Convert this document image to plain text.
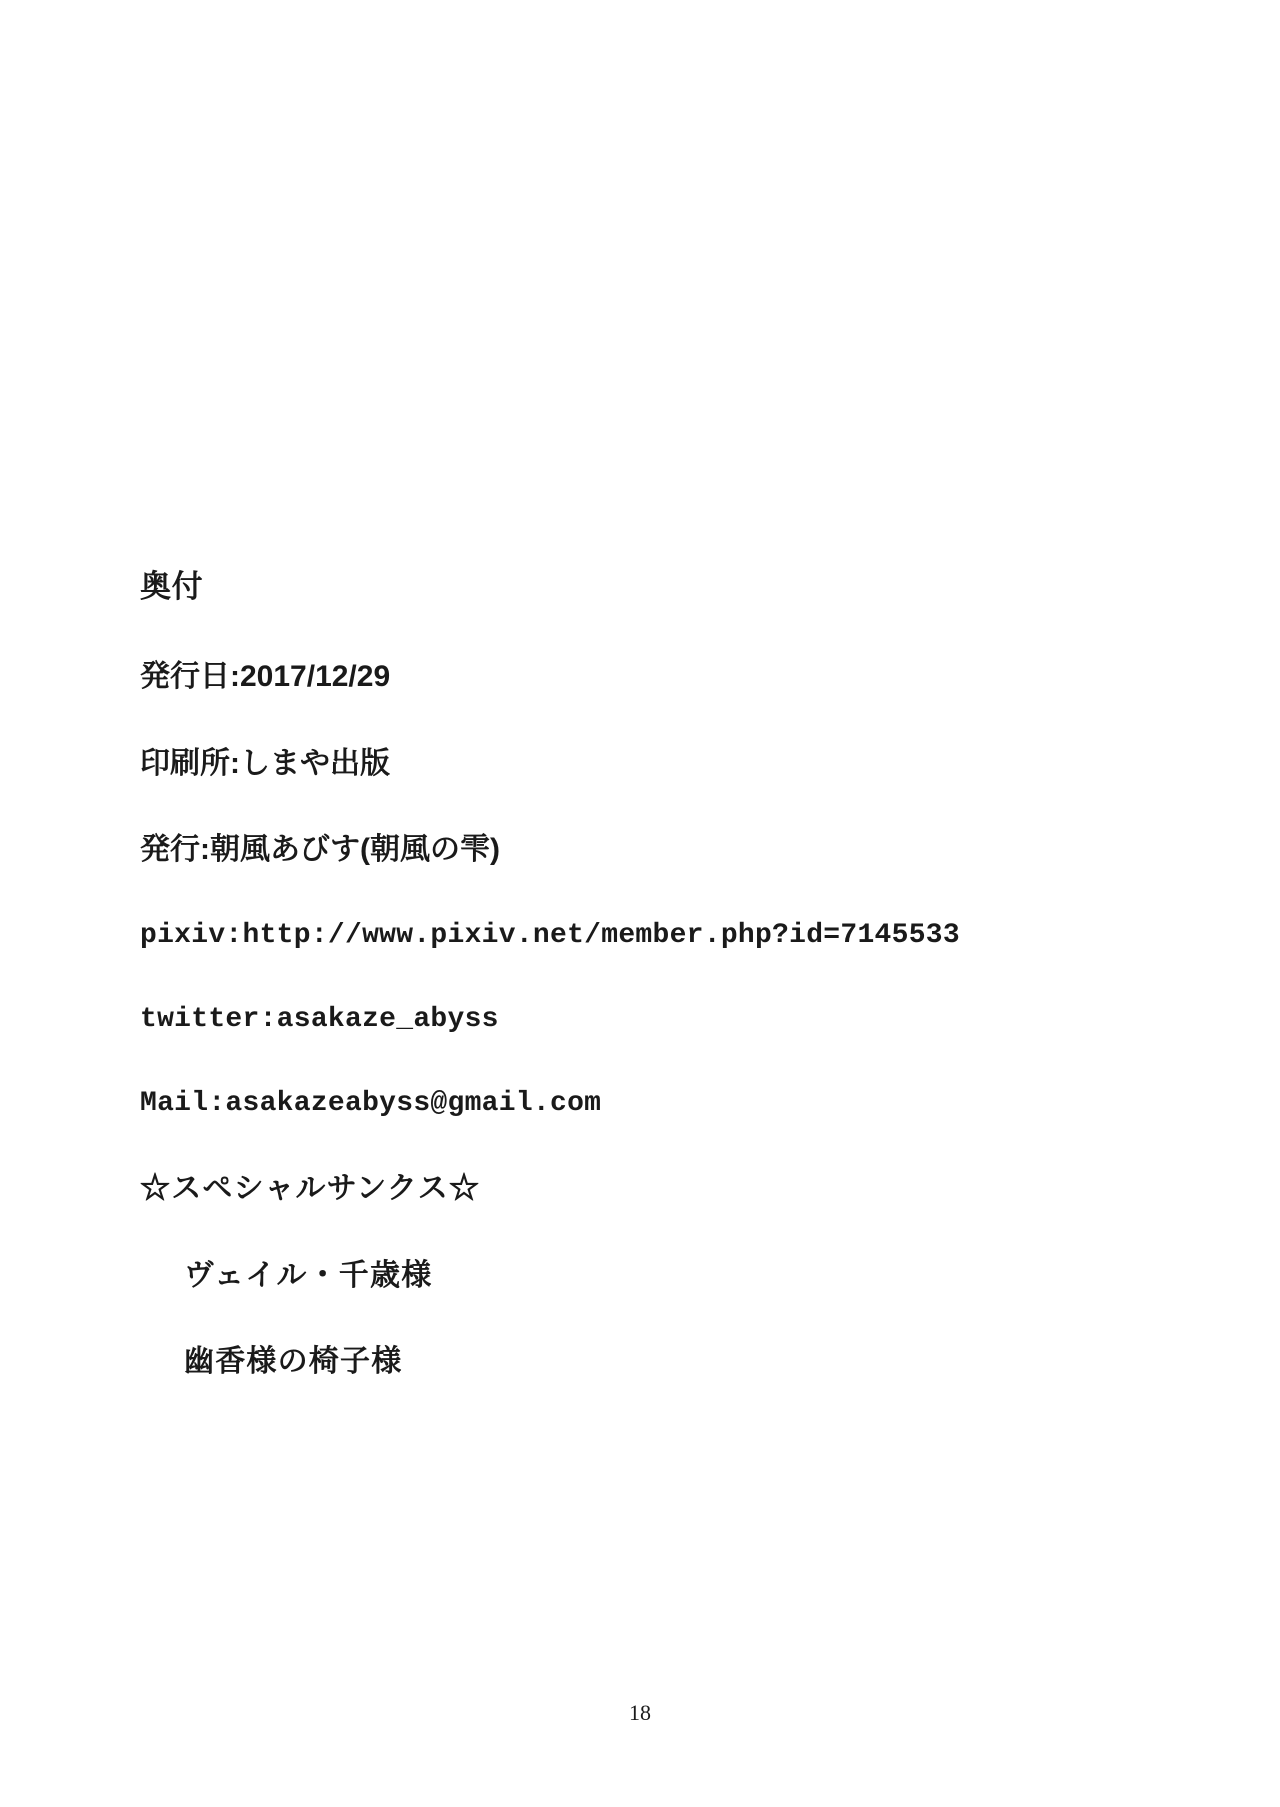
奥付
発行日:2017/12/29
印刷所:しまや出版
発行:朝風あびす(朝風の雫)
pixiv:http://www.pixiv.net/member.php?id=7145533
twitter:asakaze_abyss
Mail:asakazeabyss@gmail.com
☆スペシャルサンクス☆
ヴェイル・千歳様
幽香様の椅子様
18
